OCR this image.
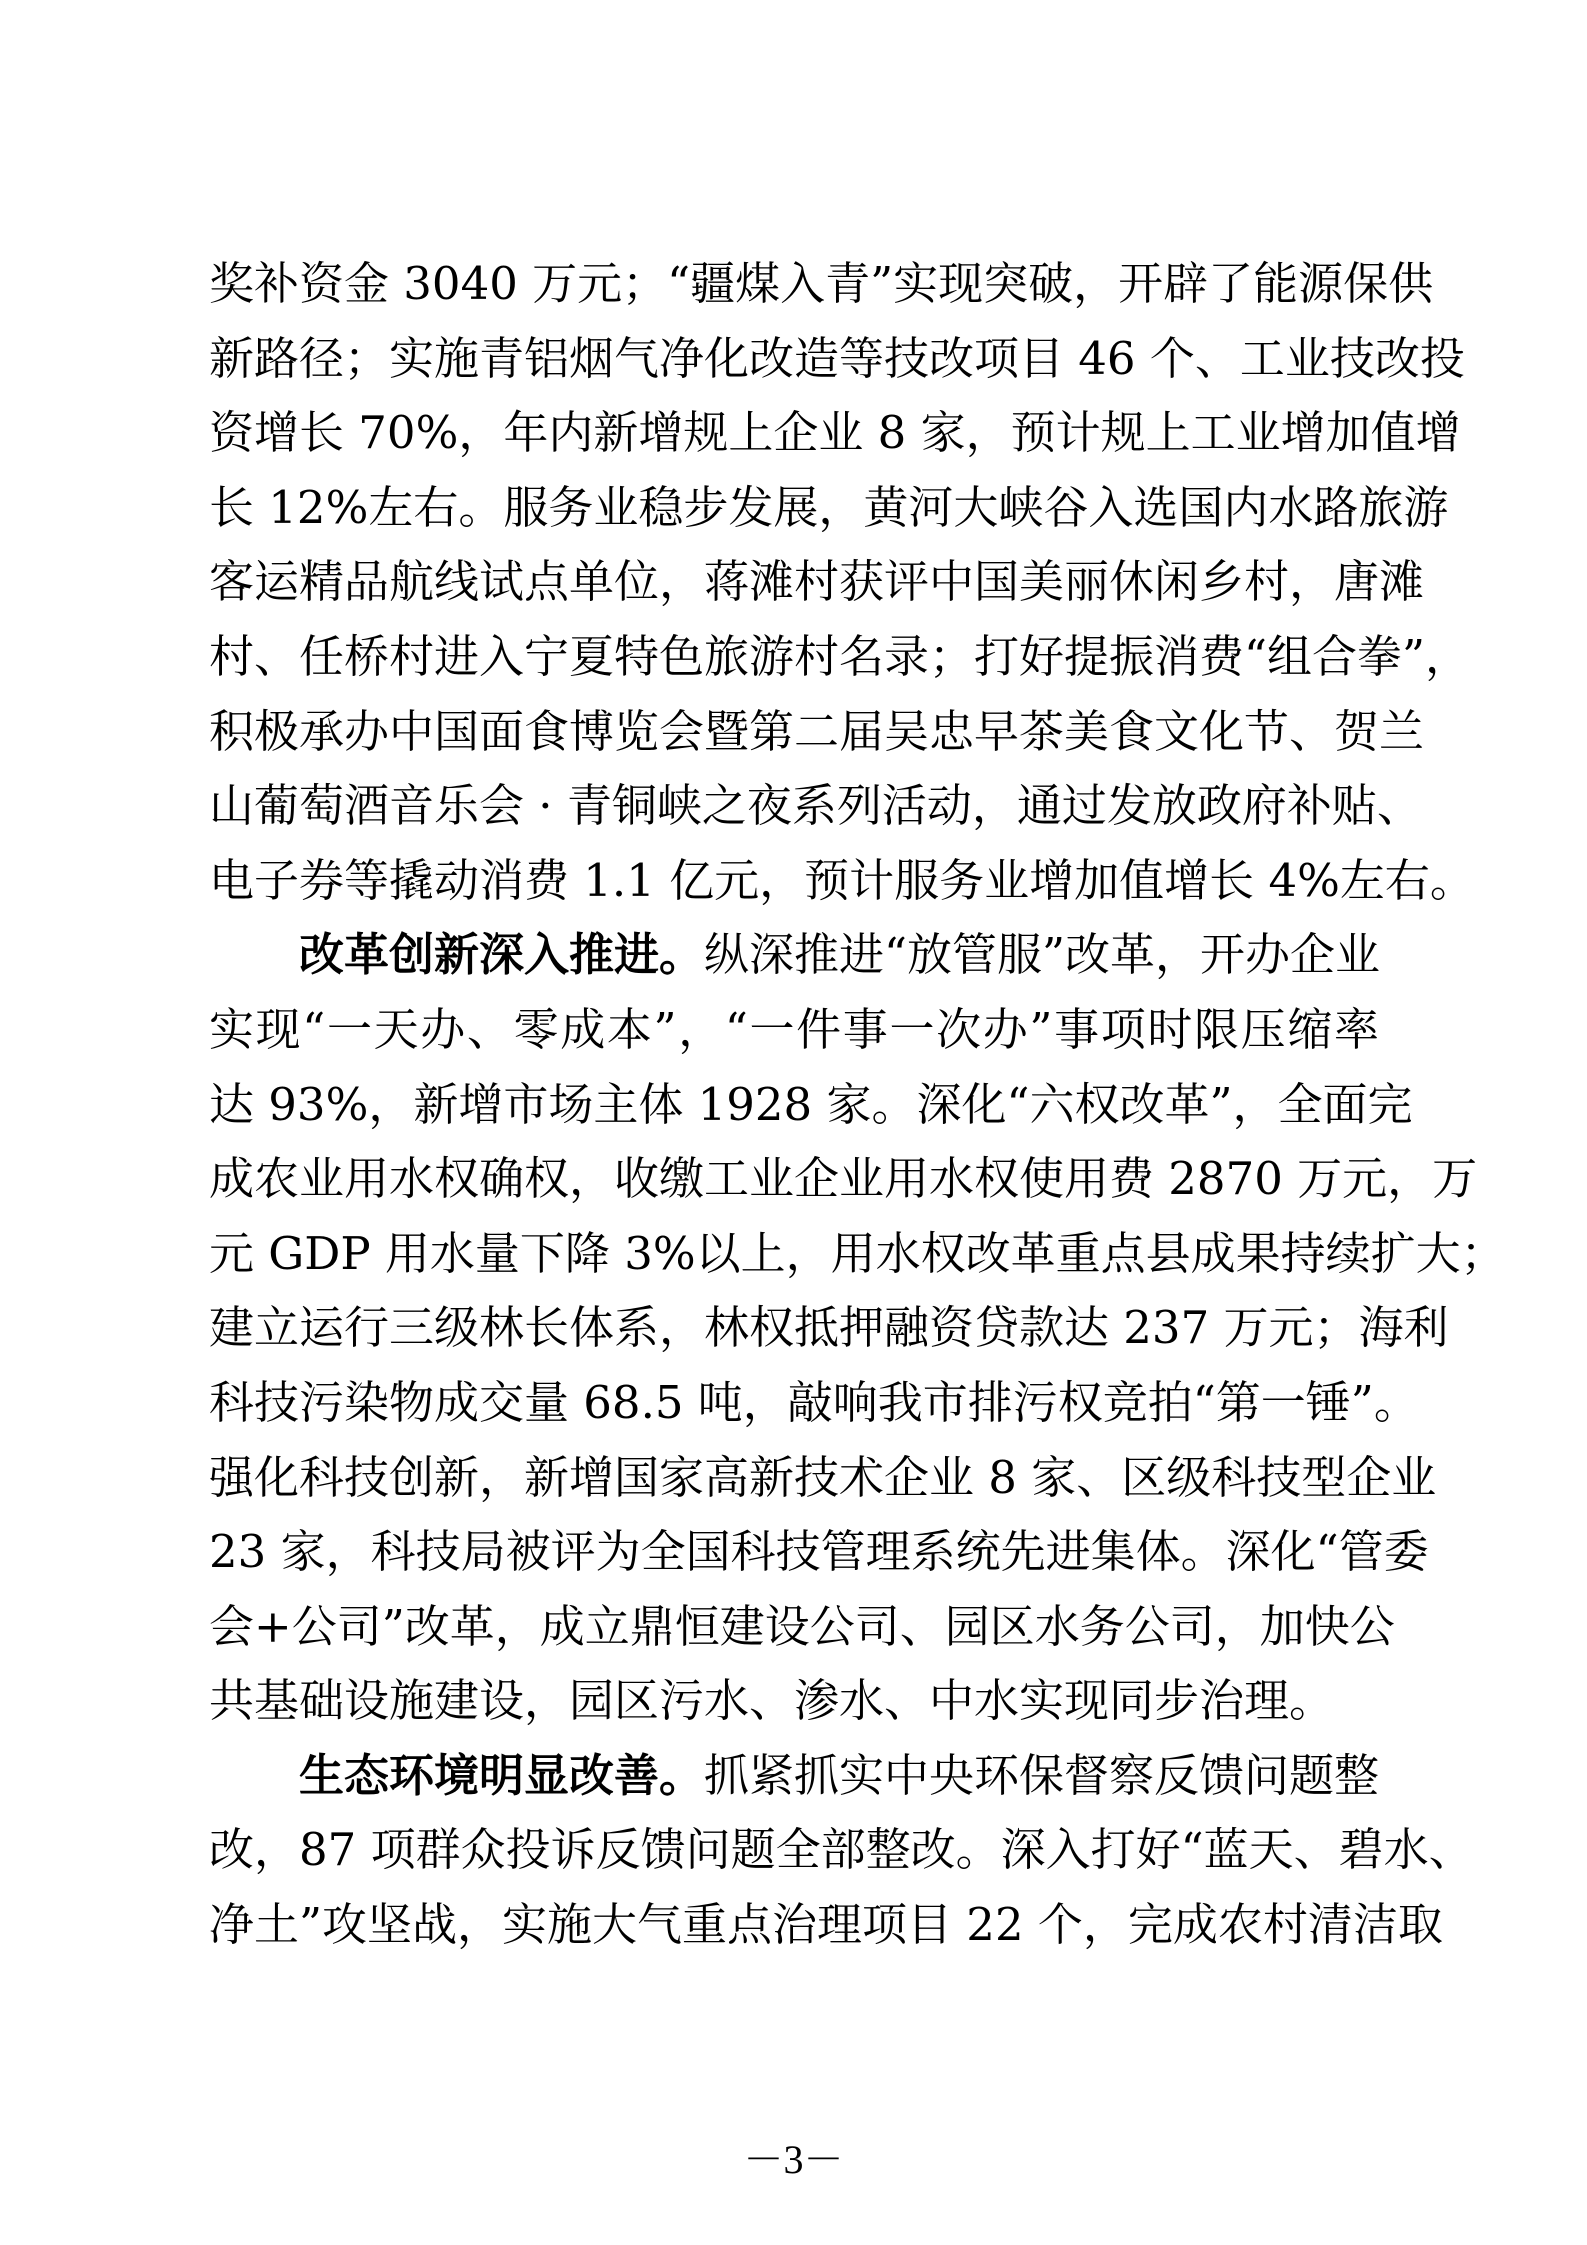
奖补资金 3040 万元；“疆煤入青”实现突破，开辟了能源保供
新路径；实施青铝烟气净化改造等技改项目 46 个、工业技改投
资增长 70%，年内新增规上企业 8 家，预计规上工业增加值增
长 12%左右。服务业稳步发展，黄河大峡谷入选国内水路旅游
客运精品航线试点单位，蒋滩村获评中国美丽休闲乡村，唐滩
村、任桥村进入宁夏特色旅游村名录；打好提振消费“组合拳”，
积极承办中国面食博览会暨第二届吴忠早茶美食文化节、贺兰
山葡萄酒音乐会 · 青铜峡之夜系列活动，通过发放政府补贴、
电子券等撬动消费 1.1 亿元，预计服务业增加值增长 4%左右。
改革创新深入推进。纵深推进“放管服”改革，开办企业
实现“一天办、零成本”，“一件事一次办”事项时限压缩率
达 93%，新增市场主体 1928 家。深化“六权改革”，全面完
成农业用水权确权，收缴工业企业用水权使用费 2870 万元，万
元 GDP 用水量下降 3%以上，用水权改革重点县成果持续扩大；
建立运行三级林长体系，林权抵押融资贷款达 237 万元；海利
科技污染物成交量 68.5 吨，敲响我市排污权竞拍“第一锤”。
强化科技创新，新增国家高新技术企业 8 家、区级科技型企业
23 家，科技局被评为全国科技管理系统先进集体。深化“管委
会+公司”改革，成立鼎恒建设公司、园区水务公司，加快公
共基础设施建设，园区污水、渗水、中水实现同步治理。
生态环境明显改善。抓紧抓实中央环保督察反馈问题整
改，87 项群众投诉反馈问题全部整改。深入打好“蓝天、碧水、
净土”攻坚战，实施大气重点治理项目 22 个，完成农村清洁取
－3－
